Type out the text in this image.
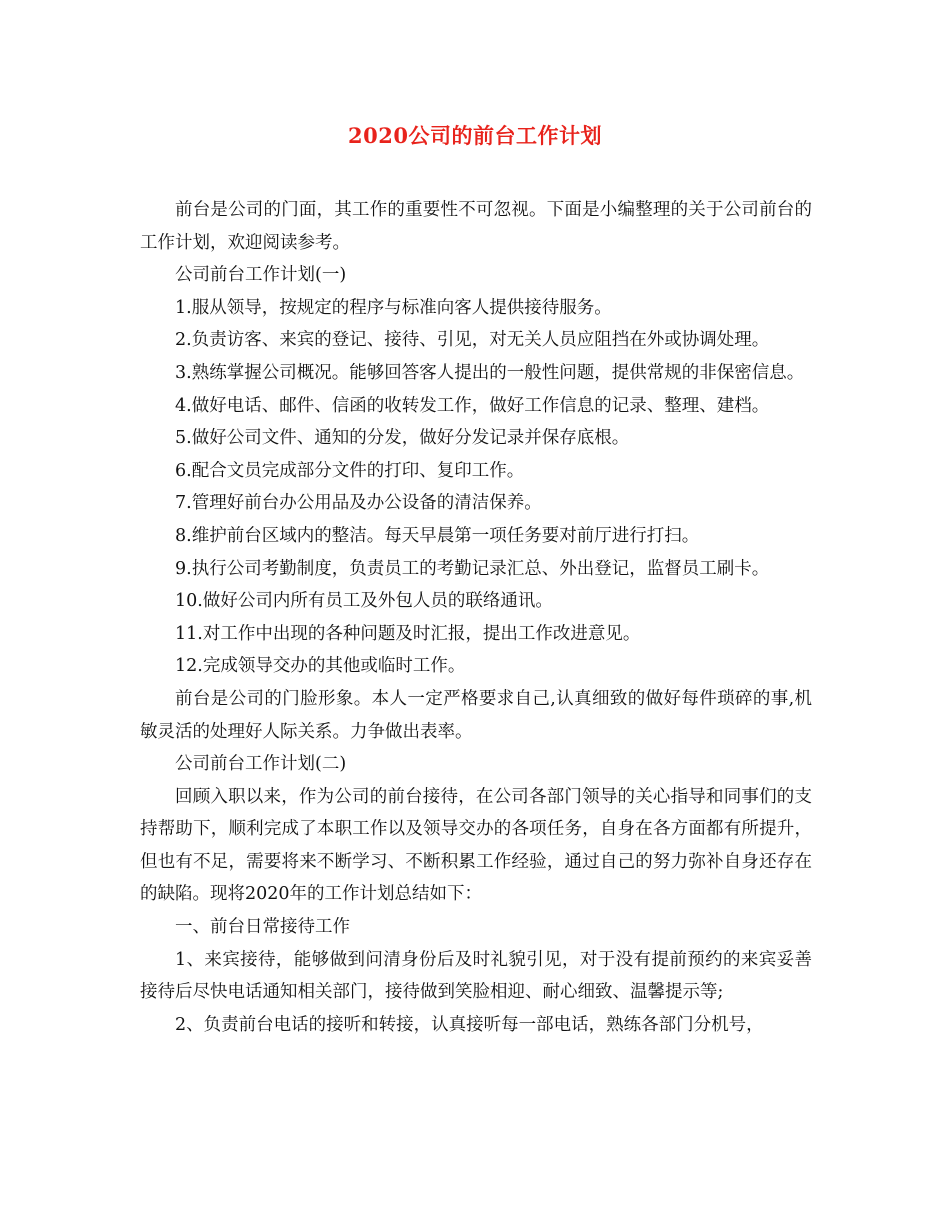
2020公司的前台工作计划

前台是公司的门面，其工作的重要性不可忽视。下面是小编整理的关于公司前台的工作计划，欢迎阅读参考。

公司前台工作计划(一)

1.服从领导，按规定的程序与标准向客人提供接待服务。

2.负责访客、来宾的登记、接待、引见，对无关人员应阻挡在外或协调处理。

3.熟练掌握公司概况。能够回答客人提出的一般性问题，提供常规的非保密信息。

4.做好电话、邮件、信函的收转发工作，做好工作信息的记录、整理、建档。

5.做好公司文件、通知的分发，做好分发记录并保存底根。

6.配合文员完成部分文件的打印、复印工作。

7.管理好前台办公用品及办公设备的清洁保养。

8.维护前台区域内的整洁。每天早晨第一项任务要对前厅进行打扫。

9.执行公司考勤制度，负责员工的考勤记录汇总、外出登记，监督员工刷卡。

10.做好公司内所有员工及外包人员的联络通讯。

11.对工作中出现的各种问题及时汇报，提出工作改进意见。

12.完成领导交办的其他或临时工作。

前台是公司的门脸形象。本人一定严格要求自己,认真细致的做好每件琐碎的事,机敏灵活的处理好人际关系。力争做出表率。

公司前台工作计划(二)

回顾入职以来，作为公司的前台接待，在公司各部门领导的关心指导和同事们的支持帮助下，顺利完成了本职工作以及领导交办的各项任务，自身在各方面都有所提升，但也有不足，需要将来不断学习、不断积累工作经验，通过自己的努力弥补自身还存在的缺陷。现将2020年的工作计划总结如下：

一、前台日常接待工作

1、来宾接待，能够做到问清身份后及时礼貌引见，对于没有提前预约的来宾妥善接待后尽快电话通知相关部门，接待做到笑脸相迎、耐心细致、温馨提示等;

2、负责前台电话的接听和转接，认真接听每一部电话，熟练各部门分机号，
